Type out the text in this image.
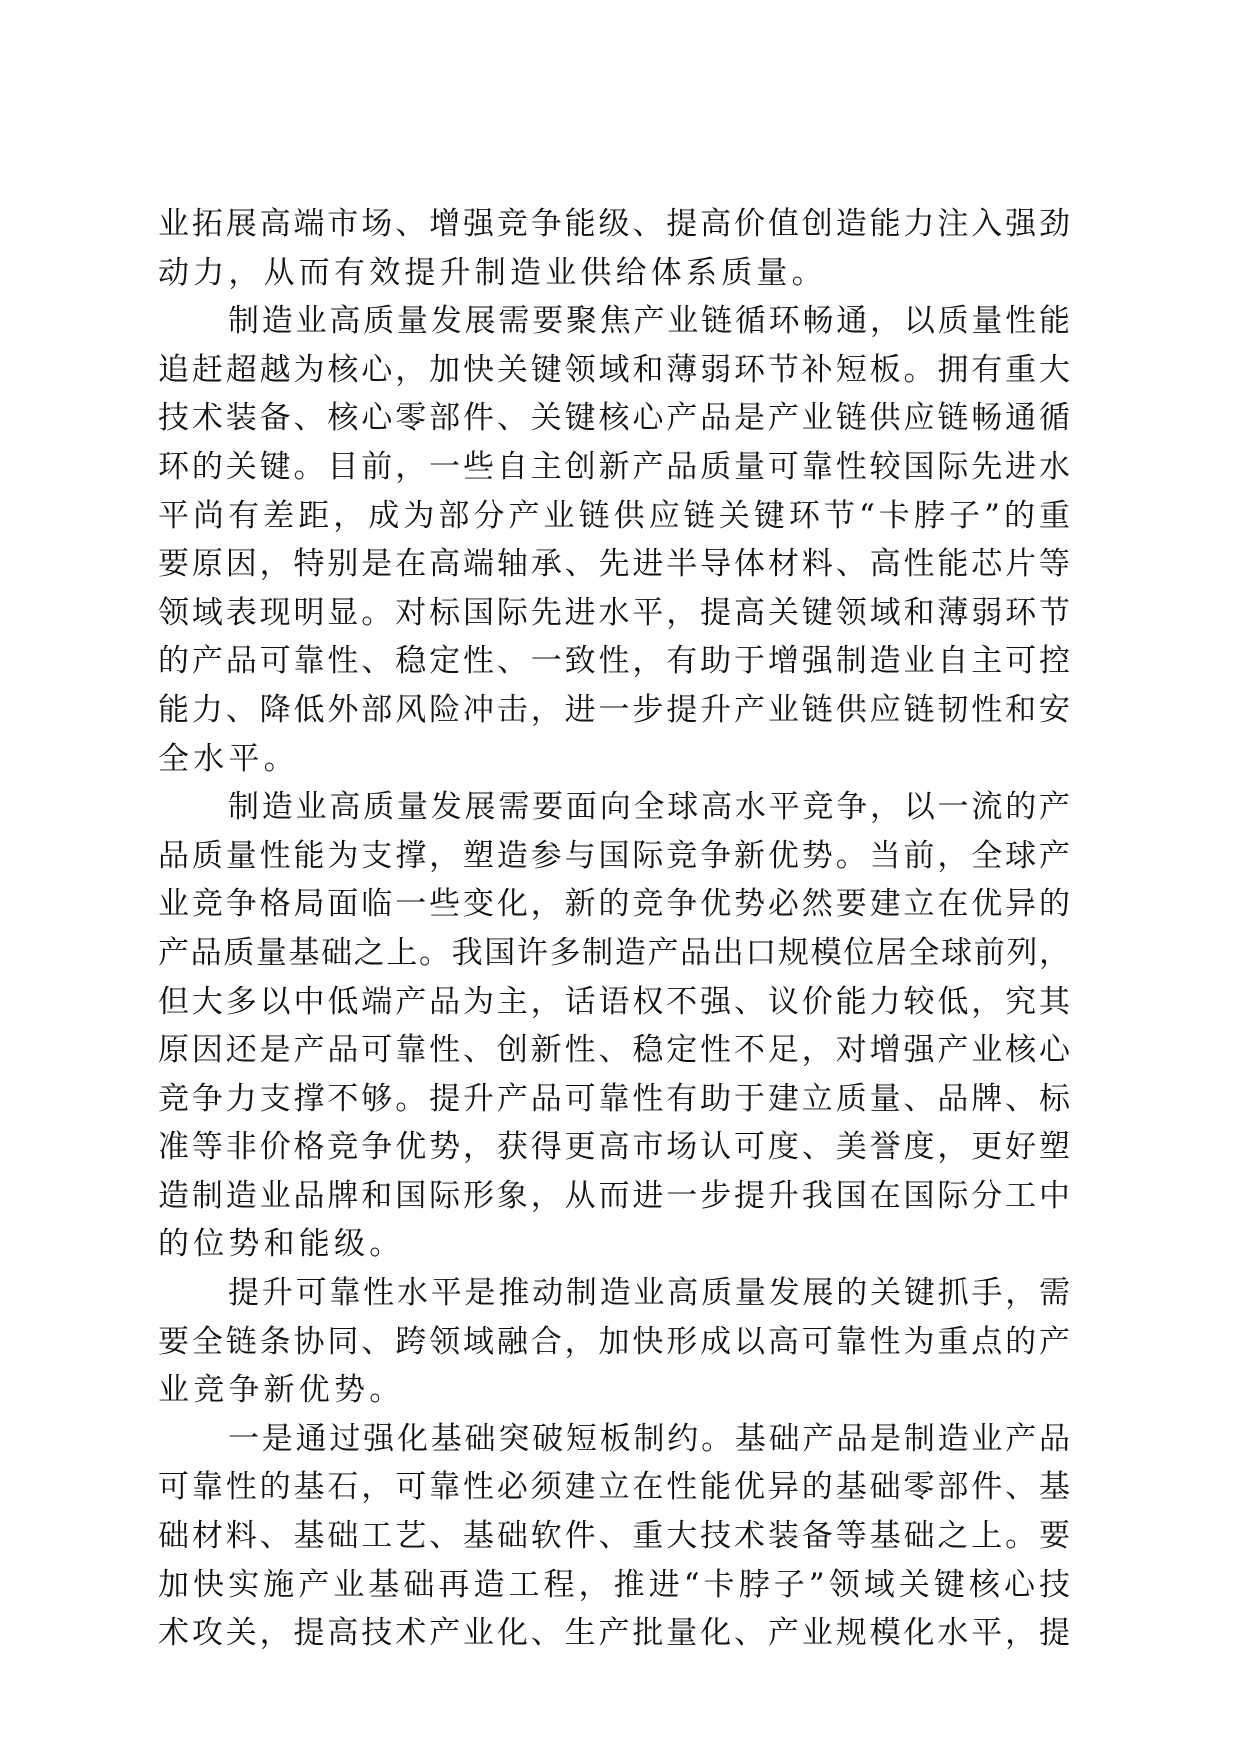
业拓展高端市场、增强竞争能级、提高价值创造能力注入强劲
动力，从而有效提升制造业供给体系质量。
制造业高质量发展需要聚焦产业链循环畅通，以质量性能
追赶超越为核心，加快关键领域和薄弱环节补短板。拥有重大
技术装备、核心零部件、关键核心产品是产业链供应链畅通循
环的关键。目前，一些自主创新产品质量可靠性较国际先进水
平尚有差距，成为部分产业链供应链关键环节“卡脖子”的重
要原因，特别是在高端轴承、先进半导体材料、高性能芯片等
领域表现明显。对标国际先进水平，提高关键领域和薄弱环节
的产品可靠性、稳定性、一致性，有助于增强制造业自主可控
能力、降低外部风险冲击，进一步提升产业链供应链韧性和安
全水平。
制造业高质量发展需要面向全球高水平竞争，以一流的产
品质量性能为支撑，塑造参与国际竞争新优势。当前，全球产
业竞争格局面临一些变化，新的竞争优势必然要建立在优异的
产品质量基础之上。我国许多制造产品出口规模位居全球前列，
但大多以中低端产品为主，话语权不强、议价能力较低，究其
原因还是产品可靠性、创新性、稳定性不足，对增强产业核心
竞争力支撑不够。提升产品可靠性有助于建立质量、品牌、标
准等非价格竞争优势，获得更高市场认可度、美誉度，更好塑
造制造业品牌和国际形象，从而进一步提升我国在国际分工中
的位势和能级。
提升可靠性水平是推动制造业高质量发展的关键抓手，需
要全链条协同、跨领域融合，加快形成以高可靠性为重点的产
业竞争新优势。
一是通过强化基础突破短板制约。基础产品是制造业产品
可靠性的基石，可靠性必须建立在性能优异的基础零部件、基
础材料、基础工艺、基础软件、重大技术装备等基础之上。要
加快实施产业基础再造工程，推进“卡脖子”领域关键核心技
术攻关，提高技术产业化、生产批量化、产业规模化水平，提
